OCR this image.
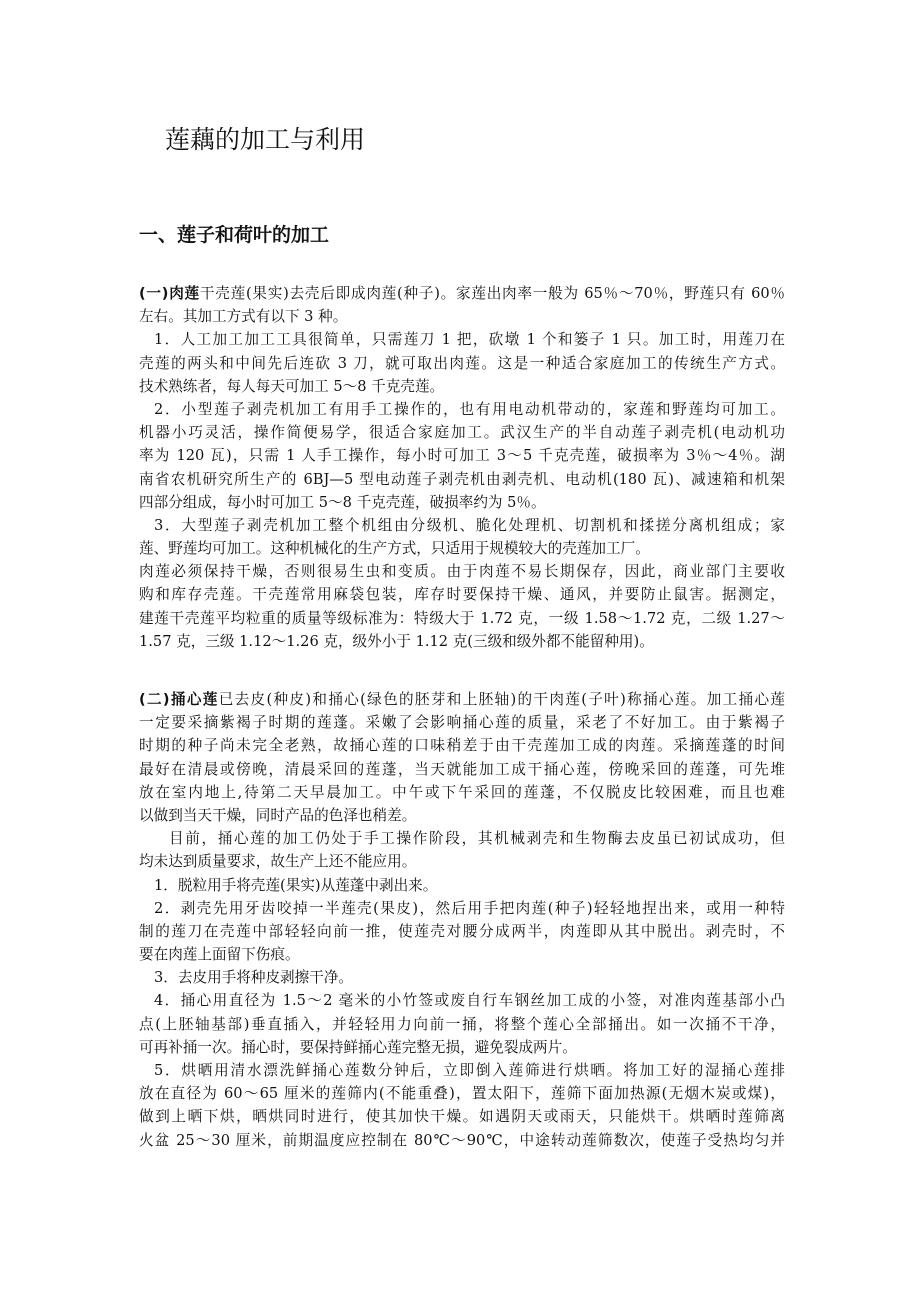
莲藕的加工与利用
一、莲子和荷叶的加工
(一)肉莲干壳莲(果实)去壳后即成肉莲(种子)。家莲出肉率一般为 65％～70％，野莲只有 60％
左右。其加工方式有以下 3 种。
1．人工加工加工工具很简单，只需莲刀 1 把，砍墩 1 个和篓子 1 只。加工时，用莲刀在
壳莲的两头和中间先后连砍 3 刀，就可取出肉莲。这是一种适合家庭加工的传统生产方式。
技术熟练者，每人每天可加工 5～8 千克壳莲。
2．小型莲子剥壳机加工有用手工操作的，也有用电动机带动的，家莲和野莲均可加工。
机器小巧灵活，操作简便易学，很适合家庭加工。武汉生产的半自动莲子剥壳机(电动机功
率为 120 瓦)，只需 1 人手工操作，每小时可加工 3～5 千克壳莲，破损率为 3％～4％。湖
南省农机研究所生产的 6BJ—5 型电动莲子剥壳机由剥壳机、电动机(180 瓦)、减速箱和机架
四部分组成，每小时可加工 5～8 千克壳莲，破损率约为 5％。
3．大型莲子剥壳机加工整个机组由分级机、脆化处理机、切割机和揉搓分离机组成；家
莲、野莲均可加工。这种机械化的生产方式，只适用于规模较大的壳莲加工厂。
肉莲必须保持干燥，否则很易生虫和变质。由于肉莲不易长期保存，因此，商业部门主要收
购和库存壳莲。干壳莲常用麻袋包装，库存时要保持干燥、通风，并要防止鼠害。据测定，
建莲干壳莲平均粒重的质量等级标准为：特级大于 1.72 克，一级 1.58～1.72 克，二级 1.27～
1.57 克，三级 1.12～1.26 克，级外小于 1.12 克(三级和级外都不能留种用)。
(二)捅心莲已去皮(种皮)和捅心(绿色的胚芽和上胚轴)的干肉莲(子叶)称捅心莲。加工捅心莲
一定要采摘紫褐子时期的莲蓬。采嫩了会影响捅心莲的质量，采老了不好加工。由于紫褐子
时期的种子尚未完全老熟，故捅心莲的口味稍差于由干壳莲加工成的肉莲。采摘莲蓬的时间
最好在清晨或傍晚，清晨采回的莲蓬，当天就能加工成干捅心莲，傍晚采回的莲蓬，可先堆
放在室内地上,待第二天早晨加工。中午或下午采回的莲蓬，不仅脱皮比较困难，而且也难
以做到当天干燥，同时产品的色泽也稍差。
目前，捅心莲的加工仍处于手工操作阶段，其机械剥壳和生物酶去皮虽已初试成功，但
均未达到质量要求，故生产上还不能应用。
1．脱粒用手将壳莲(果实)从莲蓬中剥出来。
2．剥壳先用牙齿咬掉一半莲壳(果皮)，然后用手把肉莲(种子)轻轻地捏出来，或用一种特
制的莲刀在壳莲中部轻轻向前一推，使莲壳对腰分成两半，肉莲即从其中脱出。剥壳时，不
要在肉莲上面留下伤痕。
3．去皮用手将种皮剥擦干净。
4．捅心用直径为 1.5～2 毫米的小竹签或废自行车钢丝加工成的小签，对准肉莲基部小凸
点(上胚轴基部)垂直插入，并轻轻用力向前一捅，将整个莲心全部捅出。如一次捅不干净，
可再补捅一次。捅心时，要保持鲜捅心莲完整无损，避免裂成两片。
5．烘晒用清水漂洗鲜捅心莲数分钟后，立即倒入莲筛进行烘晒。将加工好的湿捅心莲排
放在直径为 60～65 厘米的莲筛内(不能重叠)，置太阳下，莲筛下面加热源(无烟木炭或煤)，
做到上晒下烘，晒烘同时进行，使其加快干燥。如遇阴天或雨天，只能烘干。烘晒时莲筛离
火盆 25～30 厘米，前期温度应控制在 80℃～90℃，中途转动莲筛数次，使莲子受热均匀并
